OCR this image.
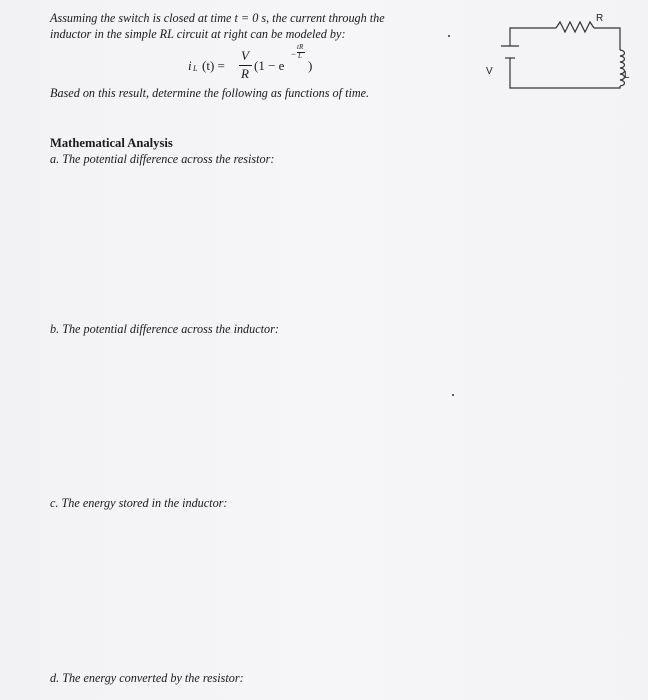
Assuming the switch is closed at time t = 0 s, the current through the
inductor in the simple RL circuit at right can be modeled by:
i L (t) =
V
R
(1 − e
−
tR
L
)
Based on this result, determine the following as functions of time.
Mathematical Analysis
a. The potential difference across the resistor:
b. The potential difference across the inductor:
c. The energy stored in the inductor:
d. The energy converted by the resistor:
R
L
V
